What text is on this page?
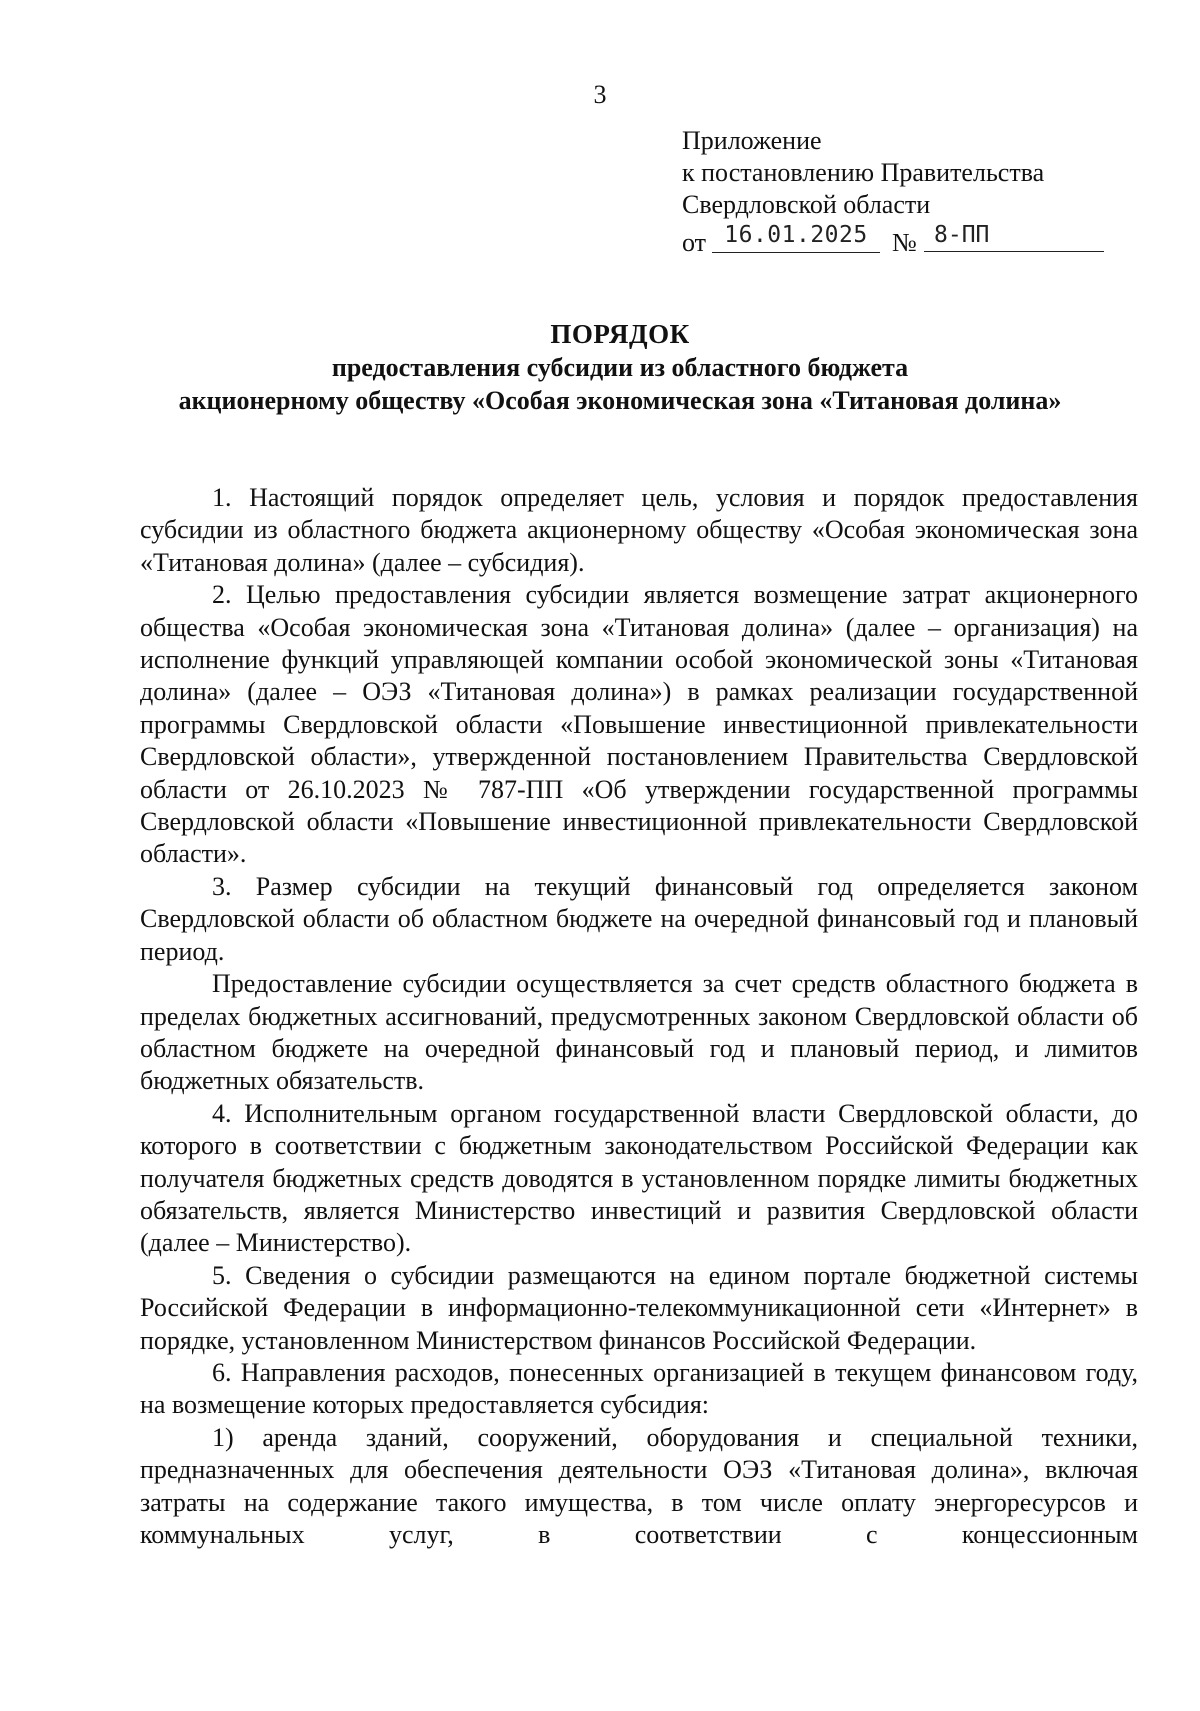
3
Приложение
к постановлению Правительства
Свердловской области
от 16.01.2025 № 8-ПП
ПОРЯДОК
предоставления субсидии из областного бюджета
акционерному обществу «Особая экономическая зона «Титановая долина»

1. Настоящий порядок определяет цель, условия и порядок предоставления субсидии из областного бюджета акционерному обществу «Особая экономическая зона «Титановая долина» (далее – субсидия).

2. Целью предоставления субсидии является возмещение затрат акционерного общества «Особая экономическая зона «Титановая долина» (далее – организация) на исполнение функций управляющей компании особой экономической зоны «Титановая долина» (далее – ОЭЗ «Титановая долина») в рамках реализации государственной программы Свердловской области «Повышение инвестиционной привлекательности Свердловской области», утвержденной постановлением Правительства Свердловской области от 26.10.2023 № 787-ПП «Об утверждении государственной программы Свердловской области «Повышение инвестиционной привлекательности Свердловской области».

3. Размер субсидии на текущий финансовый год определяется законом Свердловской области об областном бюджете на очередной финансовый год и плановый период.

Предоставление субсидии осуществляется за счет средств областного бюджета в пределах бюджетных ассигнований, предусмотренных законом Свердловской области об областном бюджете на очередной финансовый год и плановый период, и лимитов бюджетных обязательств.

4. Исполнительным органом государственной власти Свердловской области, до которого в соответствии с бюджетным законодательством Российской Федерации как получателя бюджетных средств доводятся в установленном порядке лимиты бюджетных обязательств, является Министерство инвестиций и развития Свердловской области (далее – Министерство).

5. Сведения о субсидии размещаются на едином портале бюджетной системы Российской Федерации в информационно-телекоммуникационной сети «Интернет» в порядке, установленном Министерством финансов Российской Федерации.

6. Направления расходов, понесенных организацией в текущем финансовом году, на возмещение которых предоставляется субсидия:

1) аренда зданий, сооружений, оборудования и специальной техники, предназначенных для обеспечения деятельности ОЭЗ «Титановая долина», включая затраты на содержание такого имущества, в том числе оплату энергоресурсов и коммунальных услуг, в соответствии с концессионным
